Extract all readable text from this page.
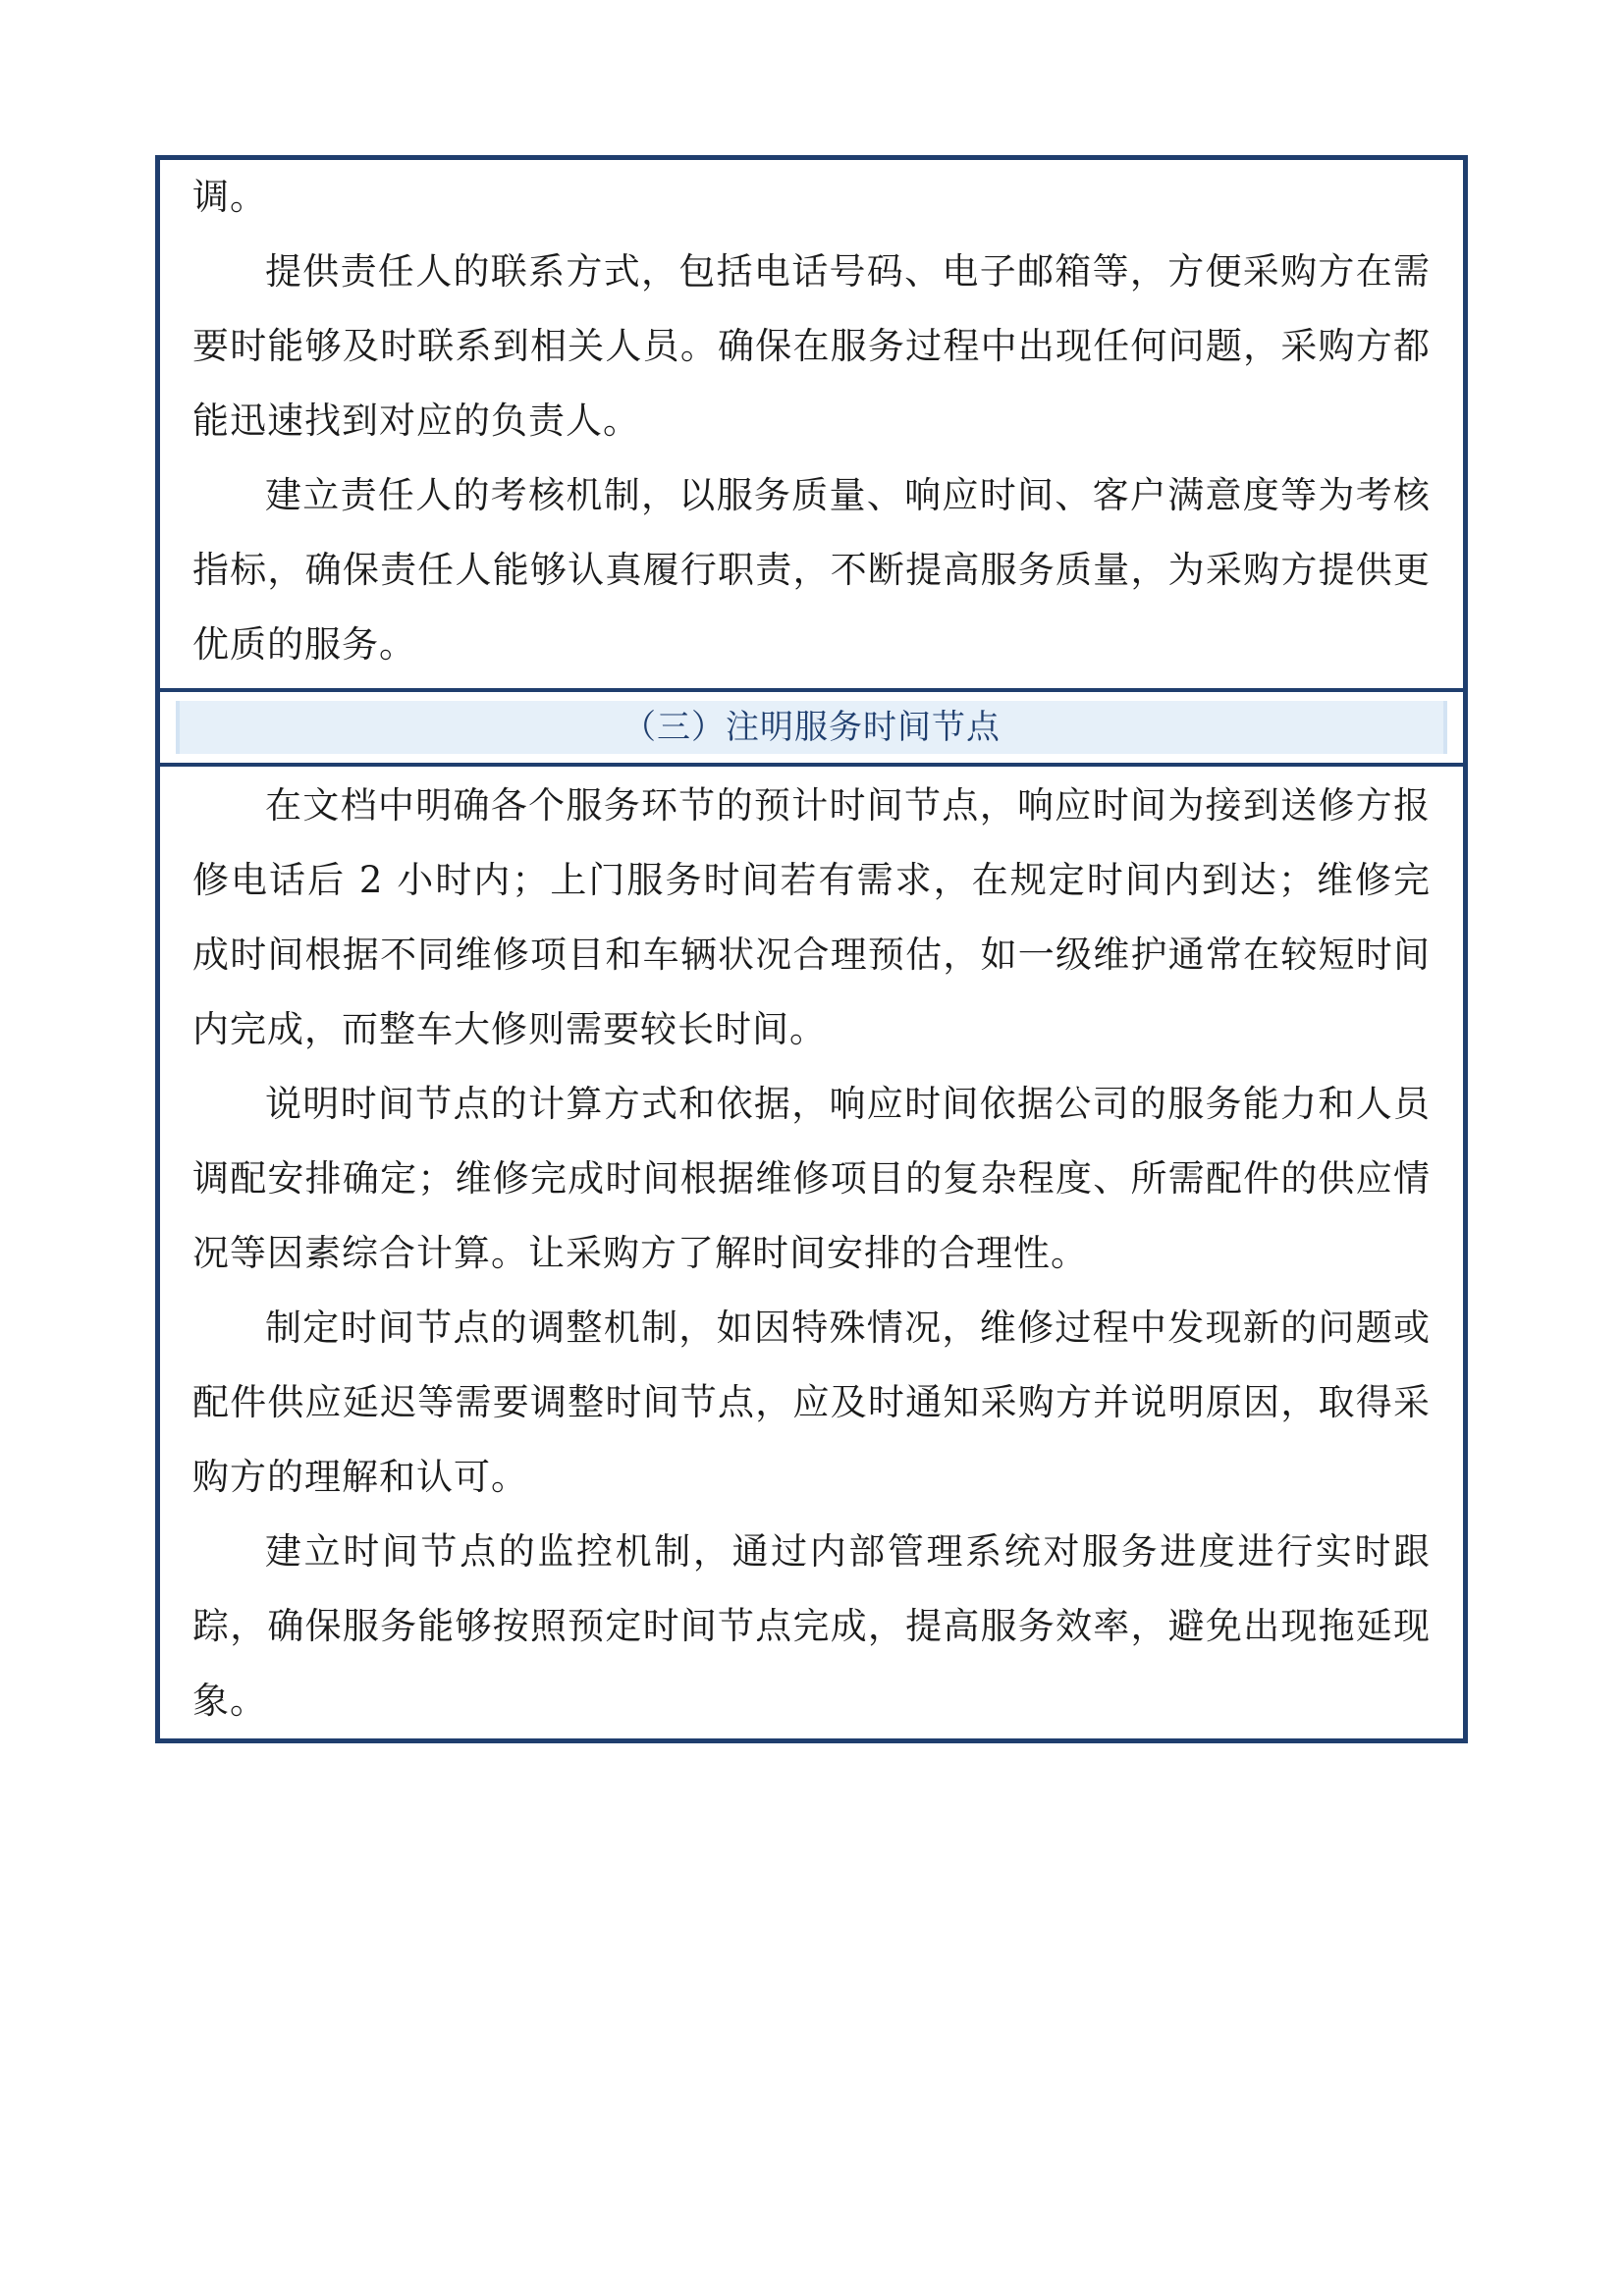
调。

提供责任人的联系方式，包括电话号码、电子邮箱等，方便采购方在需要时能够及时联系到相关人员。确保在服务过程中出现任何问题，采购方都能迅速找到对应的负责人。

建立责任人的考核机制，以服务质量、响应时间、客户满意度等为考核指标，确保责任人能够认真履行职责，不断提高服务质量，为采购方提供更优质的服务。

（三）注明服务时间节点

在文档中明确各个服务环节的预计时间节点，响应时间为接到送修方报修电话后 2 小时内；上门服务时间若有需求，在规定时间内到达；维修完成时间根据不同维修项目和车辆状况合理预估，如一级维护通常在较短时间内完成，而整车大修则需要较长时间。

说明时间节点的计算方式和依据，响应时间依据公司的服务能力和人员调配安排确定；维修完成时间根据维修项目的复杂程度、所需配件的供应情况等因素综合计算。让采购方了解时间安排的合理性。

制定时间节点的调整机制，如因特殊情况，维修过程中发现新的问题或配件供应延迟等需要调整时间节点，应及时通知采购方并说明原因，取得采购方的理解和认可。

建立时间节点的监控机制，通过内部管理系统对服务进度进行实时跟踪，确保服务能够按照预定时间节点完成，提高服务效率，避免出现拖延现象。
